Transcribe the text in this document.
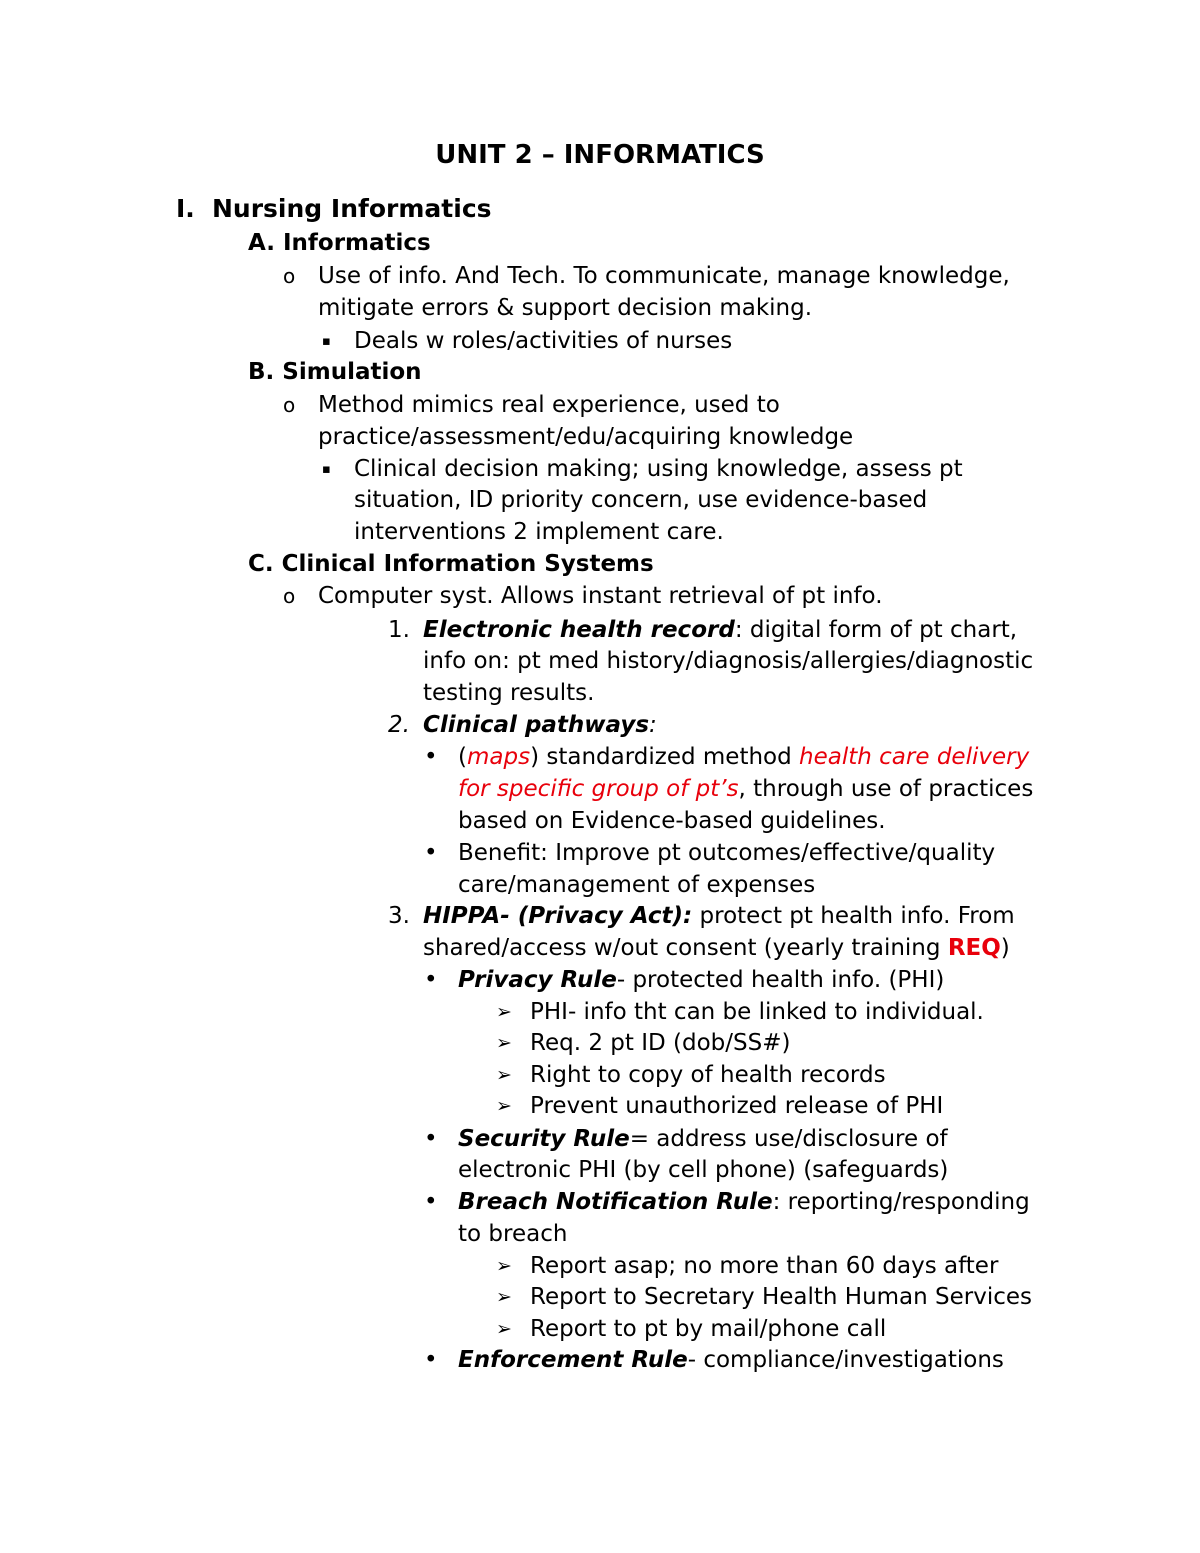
UNIT 2 – INFORMATICS
I. Nursing Informatics
A. Informatics
o Use of info. And Tech. To communicate, manage knowledge,
mitigate errors & support decision making.
▪ Deals w roles/activities of nurses
B. Simulation
o Method mimics real experience, used to
practice/assessment/edu/acquiring knowledge
▪ Clinical decision making; using knowledge, assess pt
situation, ID priority concern, use evidence-based
interventions 2 implement care.
C. Clinical Information Systems
o Computer syst. Allows instant retrieval of pt info.
1. Electronic health record: digital form of pt chart,
info on: pt med history/diagnosis/allergies/diagnostic
testing results.
2. Clinical pathways:
• (maps) standardized method health care delivery
for specific group of pt’s, through use of practices
based on Evidence-based guidelines.
• Benefit: Improve pt outcomes/effective/quality
care/management of expenses
3. HIPPA- (Privacy Act): protect pt health info. From
shared/access w/out consent (yearly training REQ)
• Privacy Rule- protected health info. (PHI)
➢ PHI- info tht can be linked to individual.
➢ Req. 2 pt ID (dob/SS#)
➢ Right to copy of health records
➢ Prevent unauthorized release of PHI
• Security Rule= address use/disclosure of
electronic PHI (by cell phone) (safeguards)
• Breach Notification Rule: reporting/responding
to breach
➢ Report asap; no more than 60 days after
➢ Report to Secretary Health Human Services
➢ Report to pt by mail/phone call
• Enforcement Rule- compliance/investigations
